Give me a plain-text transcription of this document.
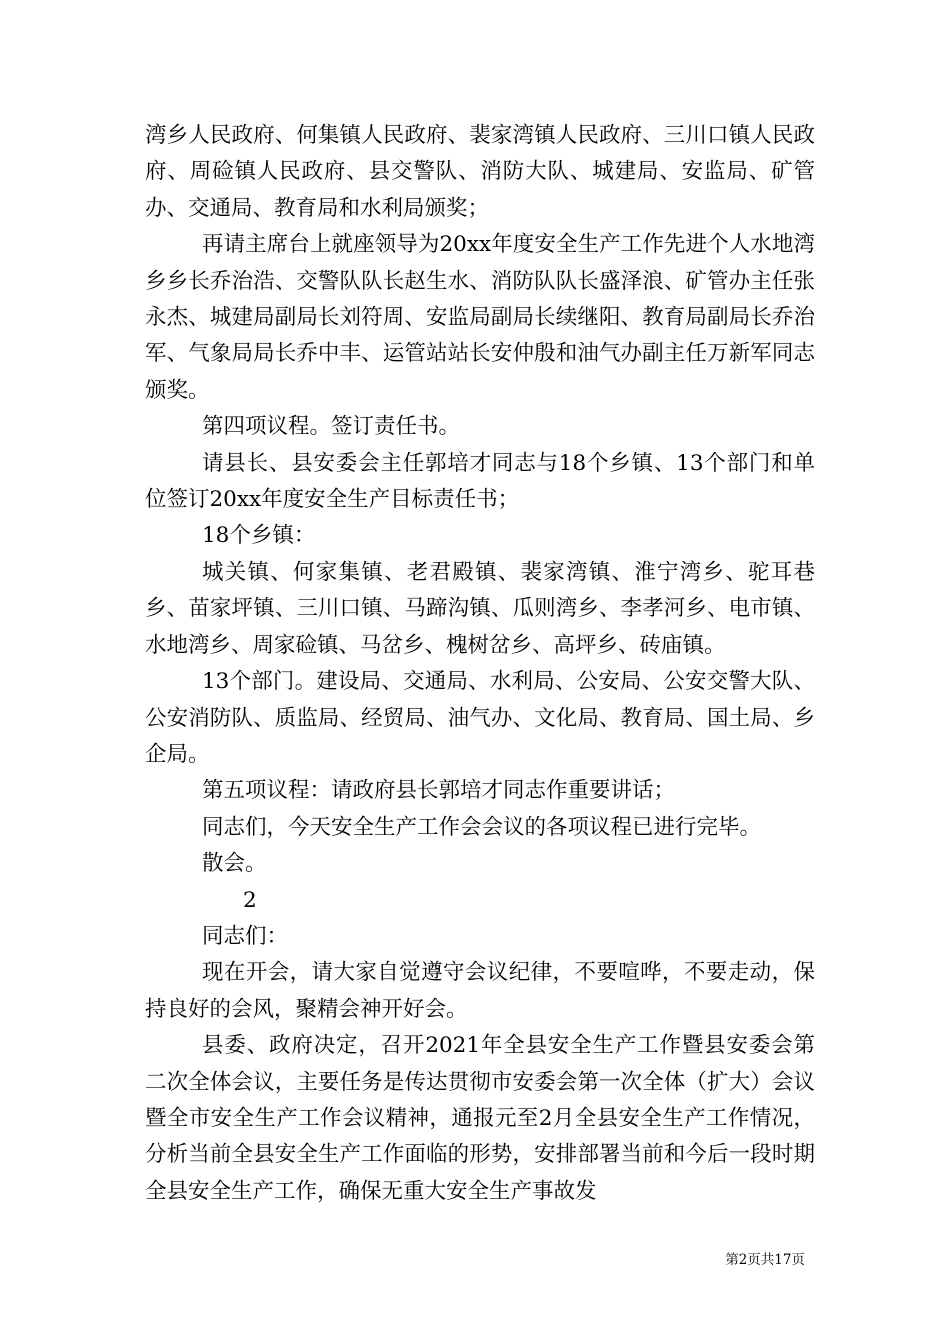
湾乡人民政府、何集镇人民政府、裴家湾镇人民政府、三川口镇人民政府、周硷镇人民政府、县交警队、消防大队、城建局、安监局、矿管办、交通局、教育局和水利局颁奖；

再请主席台上就座领导为20xx年度安全生产工作先进个人水地湾乡乡长乔治浩、交警队队长赵生水、消防队队长盛泽浪、矿管办主任张永杰、城建局副局长刘符周、安监局副局长续继阳、教育局副局长乔治军、气象局局长乔中丰、运管站站长安仲殷和油气办副主任万新军同志颁奖。

第四项议程。签订责任书。

请县长、县安委会主任郭培才同志与18个乡镇、13个部门和单位签订20xx年度安全生产目标责任书；

18个乡镇：

城关镇、何家集镇、老君殿镇、裴家湾镇、淮宁湾乡、驼耳巷乡、苗家坪镇、三川口镇、马蹄沟镇、瓜则湾乡、李孝河乡、电市镇、水地湾乡、周家硷镇、马岔乡、槐树岔乡、高坪乡、砖庙镇。

13个部门。建设局、交通局、水利局、公安局、公安交警大队、公安消防队、质监局、经贸局、油气办、文化局、教育局、国土局、乡企局。

第五项议程：请政府县长郭培才同志作重要讲话；

同志们，今天安全生产工作会会议的各项议程已进行完毕。

散会。

2

同志们：

现在开会，请大家自觉遵守会议纪律，不要喧哗，不要走动，保持良好的会风，聚精会神开好会。

县委、政府决定，召开2021年全县安全生产工作暨县安委会第二次全体会议，主要任务是传达贯彻市安委会第一次全体（扩大）会议暨全市安全生产工作会议精神，通报元至2月全县安全生产工作情况，分析当前全县安全生产工作面临的形势，安排部署当前和今后一段时期全县安全生产工作，确保无重大安全生产事故发

第2页共17页
